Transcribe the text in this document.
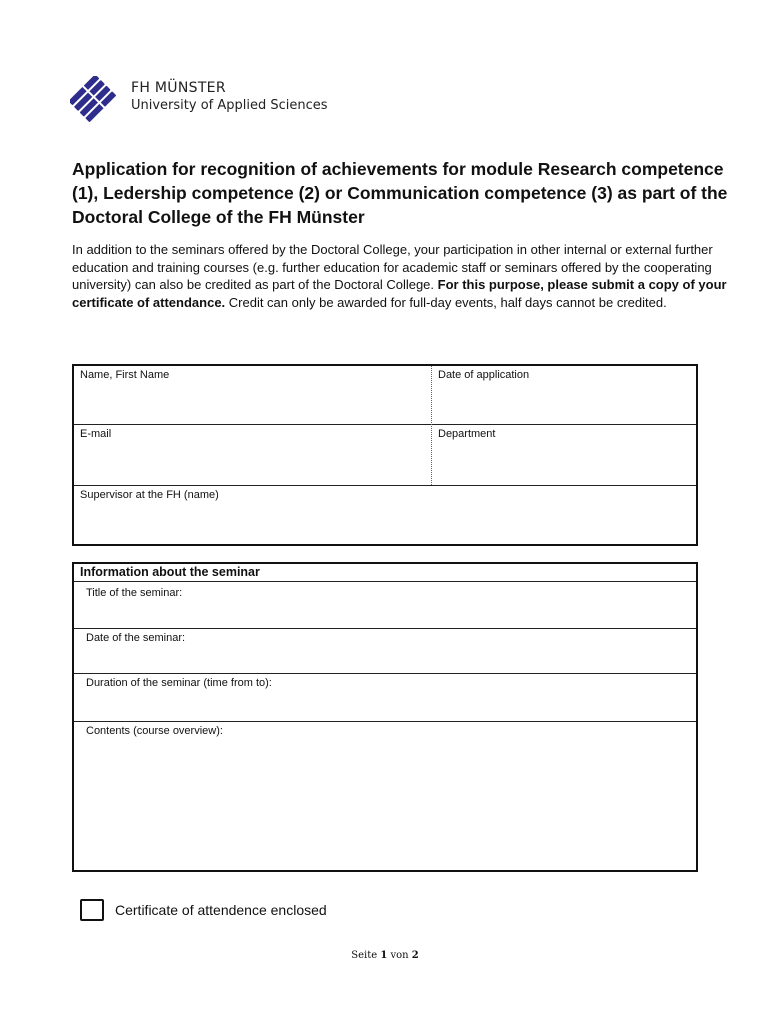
FH MÜNSTER
University of Applied Sciences
Application for recognition of achievements for module Research competence (1), Ledership competence (2) or Communication competence (3) as part of the Doctoral College of the FH Münster

In addition to the seminars offered by the Doctoral College, your participation in other internal or external further education and training courses (e.g. further education for academic staff or seminars offered by the cooperating university) can also be credited as part of the Doctoral College. For this purpose, please submit a copy of your certificate of attendance. Credit can only be awarded for full-day events, half days cannot be credited.

Name, First Name	Date of application
E-mail	Department
Supervisor at the FH (name)
Information about the seminar
Title of the seminar:
Date of the seminar:
Duration of the seminar (time from to):
Contents (course overview):
Certificate of attendence enclosed
Seite 1 von 2
